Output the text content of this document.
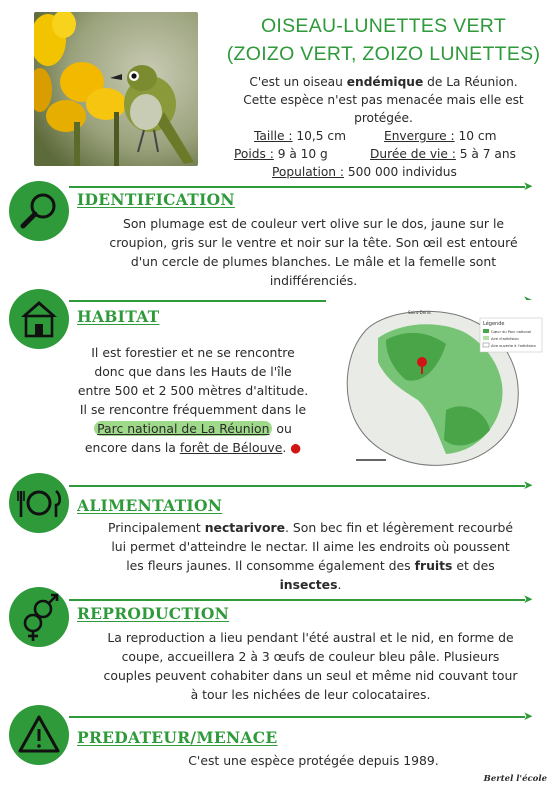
OISEAU-LUNETTES VERT
(ZOIZO VERT, ZOIZO LUNETTES)

C'est un oiseau endémique de La Réunion.

Cette espèce n'est pas menacée mais elle est

protégée.

Taille : 10,5 cm	Envergure : 10 cm
Poids : 9 à 10 g	Durée de vie : 5 à 7 ans
Population : 500 000 individus
➤
IDENTIFICATION

Son plumage est de couleur vert olive sur le dos, jaune sur le

croupion, gris sur le ventre et noir sur la tête. Son œil est entouré

d'un cercle de plumes blanches. Le mâle et la femelle sont

indifférenciés.

HABITAT

Il est forestier et ne se rencontre

donc que dans les Hauts de l'île

entre 500 et 2 500 mètres d'altitude.

Il se rencontre fréquemment dans le

Parc national de La Réunion ou

encore dans la forêt de Bélouve. ●

Légende
Cœur du Parc national
Aire d'adhésion
Aire ouverte à l'adhésion
Saint-Denis
➤
ALIMENTATION

Principalement nectarivore. Son bec fin et légèrement recourbé

lui permet d'atteindre le nectar. Il aime les endroits où poussent

les fleurs jaunes. Il consomme également des fruits et des

insectes.

➤
REPRODUCTION

La reproduction a lieu pendant l'été austral et le nid, en forme de

coupe, accueillera 2 à 3 œufs de couleur bleu pâle. Plusieurs

couples peuvent cohabiter dans un seul et même nid couvant tour

à tour les nichées de leur colocataires.

➤
PREDATEUR/MENACE

C'est une espèce protégée depuis 1989.

Bertel l'école
